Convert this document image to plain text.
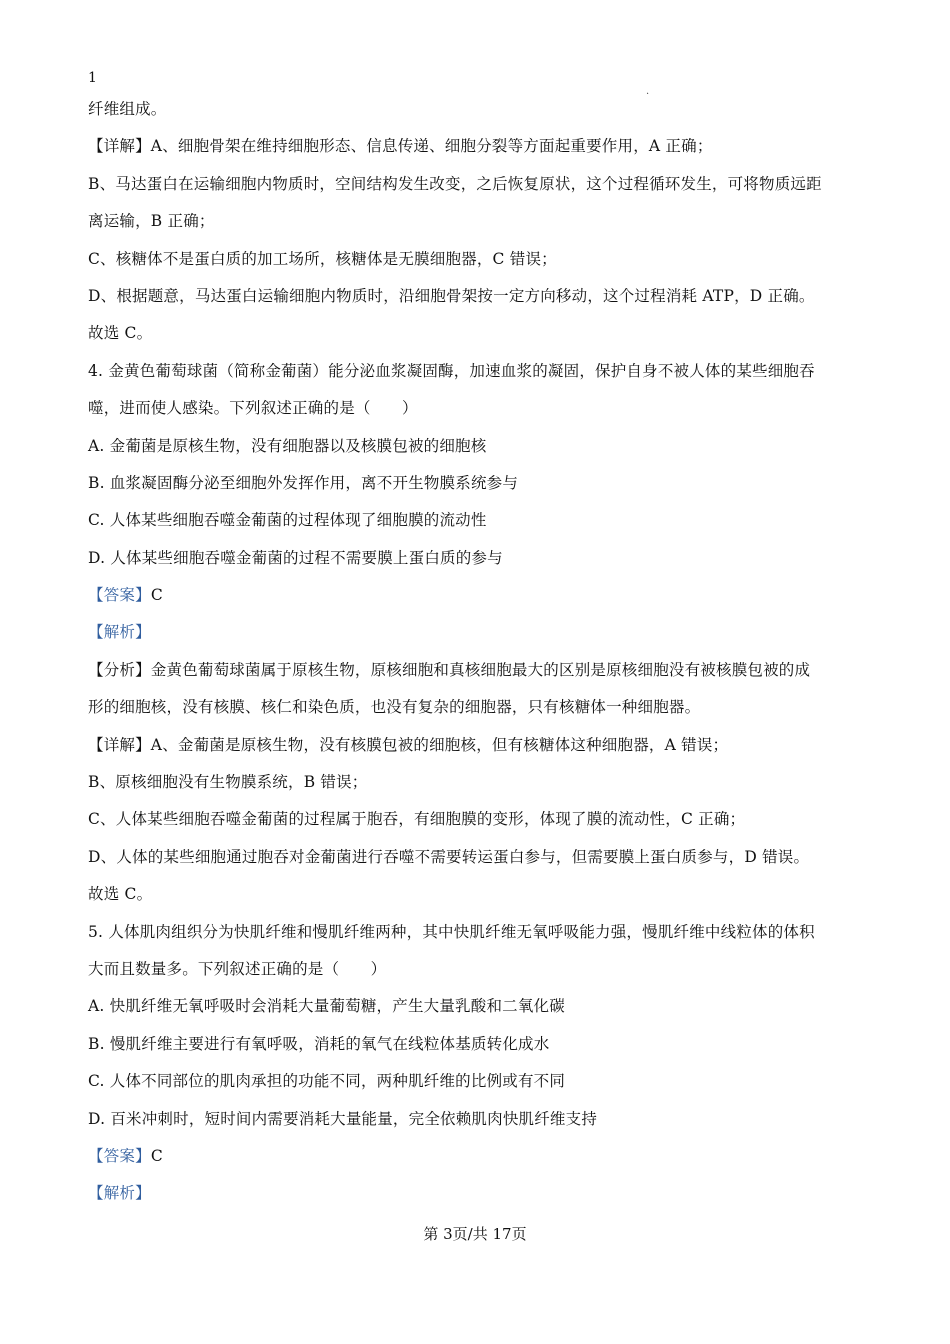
1
·
纤维组成。
【详解】A、细胞骨架在维持细胞形态、信息传递、细胞分裂等方面起重要作用，A 正确；
B、马达蛋白在运输细胞内物质时，空间结构发生改变，之后恢复原状，这个过程循环发生，可将物质远距
离运输，B 正确；
C、核糖体不是蛋白质的加工场所，核糖体是无膜细胞器，C 错误；
D、根据题意，马达蛋白运输细胞内物质时，沿细胞骨架按一定方向移动，这个过程消耗 ATP，D 正确。
故选 C。
4. 金黄色葡萄球菌（简称金葡菌）能分泌血浆凝固酶，加速血浆的凝固，保护自身不被人体的某些细胞吞
噬，进而使人感染。下列叙述正确的是（　　）
A. 金葡菌是原核生物，没有细胞器以及核膜包被的细胞核
B. 血浆凝固酶分泌至细胞外发挥作用，离不开生物膜系统参与
C. 人体某些细胞吞噬金葡菌的过程体现了细胞膜的流动性
D. 人体某些细胞吞噬金葡菌的过程不需要膜上蛋白质的参与
【答案】C
【解析】
【分析】金黄色葡萄球菌属于原核生物，原核细胞和真核细胞最大的区别是原核细胞没有被核膜包被的成
形的细胞核，没有核膜、核仁和染色质，也没有复杂的细胞器，只有核糖体一种细胞器。
【详解】A、金葡菌是原核生物，没有核膜包被的细胞核，但有核糖体这种细胞器，A 错误；
B、原核细胞没有生物膜系统，B 错误；
C、人体某些细胞吞噬金葡菌的过程属于胞吞，有细胞膜的变形，体现了膜的流动性，C 正确；
D、人体的某些细胞通过胞吞对金葡菌进行吞噬不需要转运蛋白参与，但需要膜上蛋白质参与，D 错误。
故选 C。
5. 人体肌肉组织分为快肌纤维和慢肌纤维两种，其中快肌纤维无氧呼吸能力强，慢肌纤维中线粒体的体积
大而且数量多。下列叙述正确的是（　　）
A. 快肌纤维无氧呼吸时会消耗大量葡萄糖，产生大量乳酸和二氧化碳
B. 慢肌纤维主要进行有氧呼吸，消耗的氧气在线粒体基质转化成水
C. 人体不同部位的肌肉承担的功能不同，两种肌纤维的比例或有不同
D. 百米冲刺时，短时间内需要消耗大量能量，完全依赖肌肉快肌纤维支持
【答案】C
【解析】
第 3页/共 17页
